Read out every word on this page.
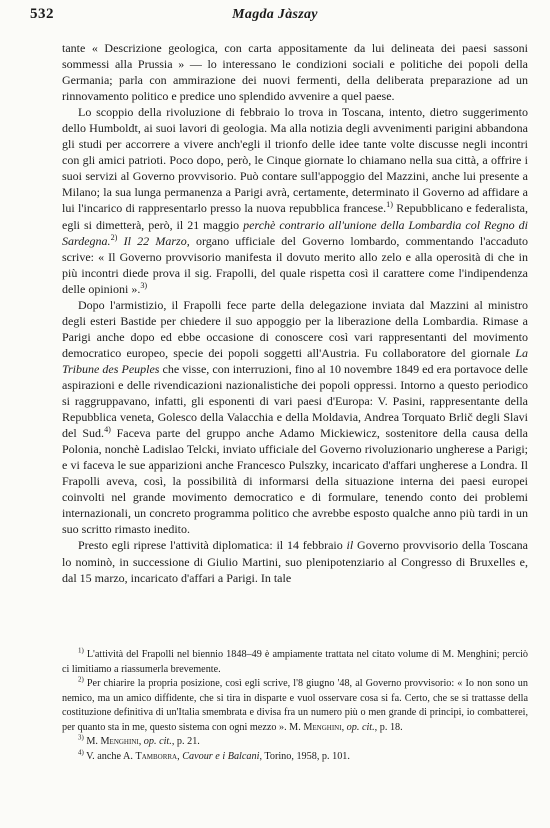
532	Magda Jàszay

tante « Descrizione geologica, con carta appositamente da lui delineata dei paesi sassoni sommessi alla Prussia » — lo interessano le condizioni sociali e politiche dei popoli della Germania; parla con ammirazione dei nuovi fermenti, della deliberata preparazione ad un rinnovamento politico e predice uno splendido avvenire a quel paese.

Lo scoppio della rivoluzione di febbraio lo trova in Toscana, intento, dietro suggerimento dello Humboldt, ai suoi lavori di geologia. Ma alla notizia degli avvenimenti parigini abbandona gli studi per accorrere a vivere anch'egli il trionfo delle idee tante volte discusse negli incontri con gli amici patrioti. Poco dopo, però, le Cinque giornate lo chiamano nella sua città, a offrire i suoi servizi al Governo provvisorio. Può contare sull'appoggio del Mazzini, anche lui presente a Milano; la sua lunga permanenza a Parigi avrà, certamente, determinato il Governo ad affidare a lui l'incarico di rappresentarlo presso la nuova repubblica francese.$^{1)}$ Repubblicano e federalista, egli si dimetterà, però, il 21 maggio perchè contrario all'unione della Lombardia col Regno di Sardegna.$^{2)}$ Il 22 Marzo, organo ufficiale del Governo lombardo, commentando l'accaduto scrive: « Il Governo provvisorio manifesta il dovuto merito allo zelo e alla operosità di che in più incontri diede prova il sig. Frapolli, del quale rispetta così il carattere come l'indipendenza delle opinioni ».$^{3)}$

Dopo l'armistizio, il Frapolli fece parte della delegazione inviata dal Mazzini al ministro degli esteri Bastide per chiedere il suo appoggio per la liberazione della Lombardia. Rimase a Parigi anche dopo ed ebbe occasione di conoscere così vari rappresentanti del movimento democratico europeo, specie dei popoli soggetti all'Austria. Fu collaboratore del giornale La Tribune des Peuples che visse, con interruzioni, fino al 10 novembre 1849 ed era portavoce delle aspirazioni e delle rivendicazioni nazionalistiche dei popoli oppressi. Intorno a questo periodico si raggruppavano, infatti, gli esponenti di vari paesi d'Europa: V. Pasini, rappresentante della Repubblica veneta, Golesco della Valacchia e della Moldavia, Andrea Torquato Brlič degli Slavi del Sud.$^{4)}$ Faceva parte del gruppo anche Adamo Mickiewicz, sostenitore della causa della Polonia, nonchè Ladislao Telcki, inviato ufficiale del Governo rivoluzionario ungherese a Parigi; e vi faceva le sue apparizioni anche Francesco Pulszky, incaricato d'affari ungherese a Londra. Il Frapolli aveva, così, la possibilità di informarsi della situazione interna dei paesi europei coinvolti nel grande movimento democratico e di formulare, tenendo conto dei problemi internazionali, un concreto programma politico che avrebbe esposto qualche anno più tardi in un suo scritto rimasto inedito.

Presto egli riprese l'attività diplomatica: il 14 febbraio il Governo provvisorio della Toscana lo nominò, in successione di Giulio Martini, suo plenipotenziario al Congresso di Bruxelles e, dal 15 marzo, incaricato d'affari a Parigi. In tale

$^{1)}$ L'attività del Frapolli nel biennio 1848–49 è ampiamente trattata nel citato volume di M. Menghini; perciò ci limitiamo a riassumerla brevemente.

$^{2)}$ Per chiarire la propria posizione, così egli scrive, l'8 giugno '48, al Governo provvisorio: « Io non sono un nemico, ma un amico diffidente, che si tira in disparte e vuol osservare cosa si fa. Certo, che se si trattasse della costituzione definitiva di un'Italia smembrata e divisa fra un numero più o men grande di principi, io combatterei, per quanto sta in me, questo sistema con ogni mezzo ». M. Menghini, op. cit., p. 18.

$^{3)}$ M. Menghini, op. cit., p. 21.

$^{4)}$ V. anche A. Tamborra, Cavour e i Balcani, Torino, 1958, p. 101.
